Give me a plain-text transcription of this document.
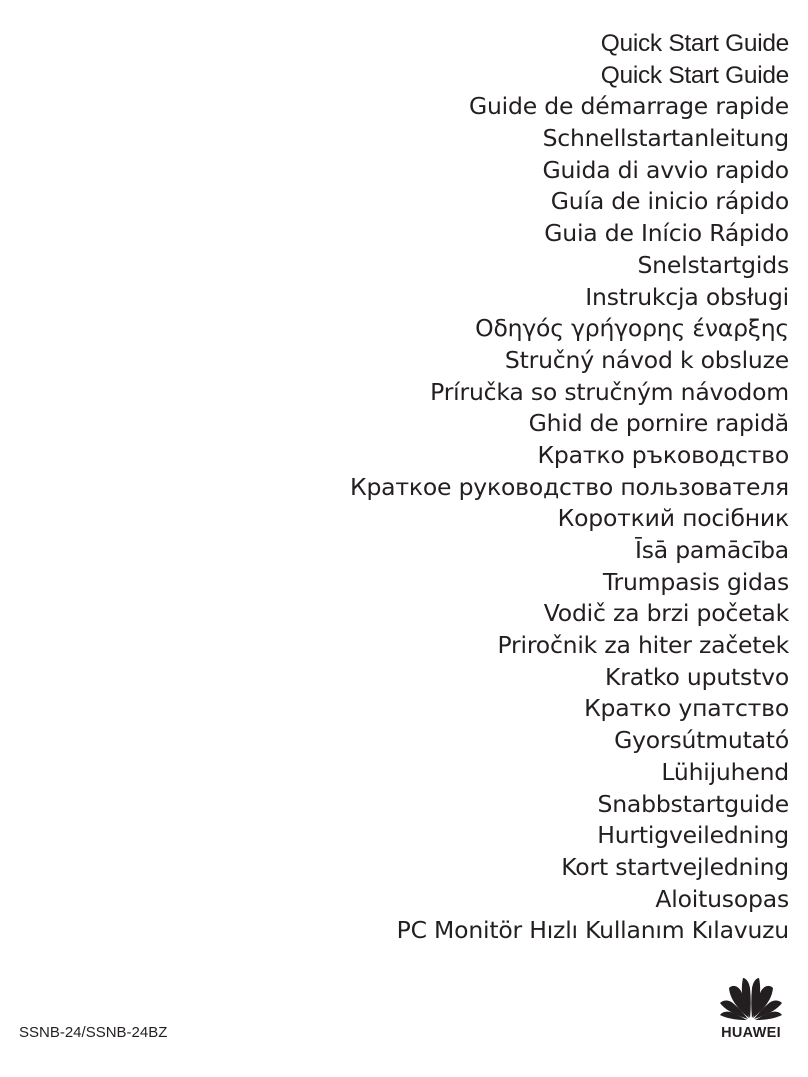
Quick Start Guide
Quick Start Guide
Guide de démarrage rapide
Schnellstartanleitung
Guida di avvio rapido
Guía de inicio rápido
Guia de Início Rápido
Snelstartgids
Instrukcja obsługi
Οδηγός γρήγορης έναρξης
Stručný návod k obsluze
Príručka so stručným návodom
Ghid de pornire rapidă
Кратко ръководство
Краткое руководство пользователя
Короткий посібник
Īsā pamācība
Trumpasis gidas
Vodič za brzi početak
Priročnik za hiter začetek
Kratko uputstvo
Кратко упатство
Gyorsútmutató
Lühijuhend
Snabbstartguide
Hurtigveiledning
Kort startvejledning
Aloitusopas
PC Monitör Hızlı Kullanım Kılavuzu
SSNB-24/SSNB-24BZ	HUAWEI
